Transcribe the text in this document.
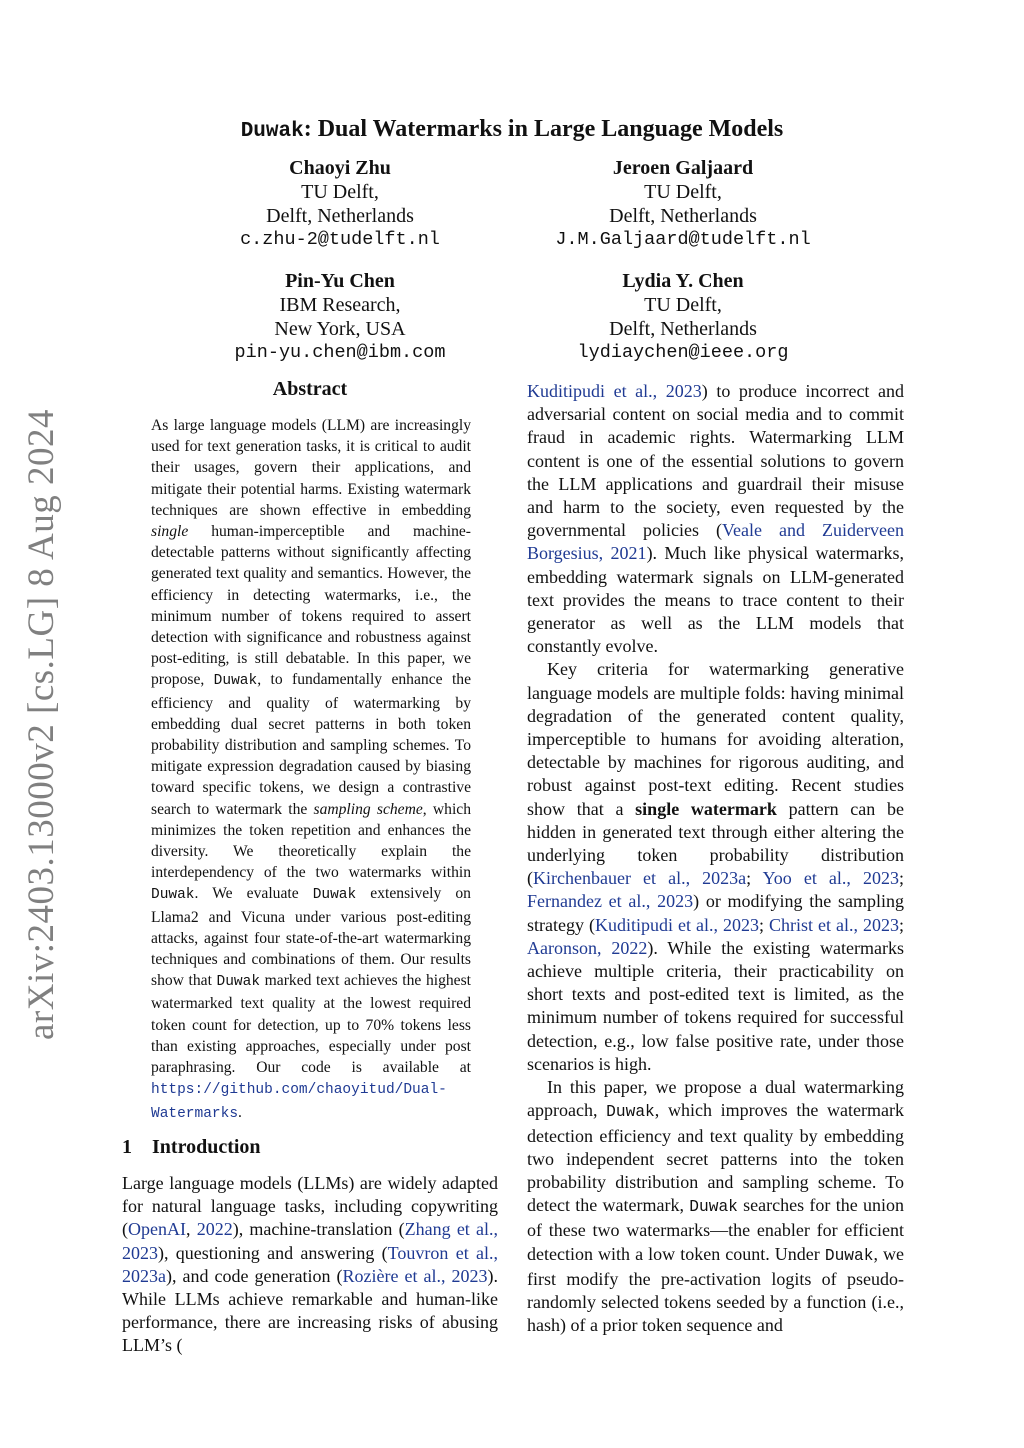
arXiv:2403.13000v2 [cs.LG] 8 Aug 2024
Duwak: Dual Watermarks in Large Language Models
Chaoyi Zhu
TU Delft,
Delft, Netherlands
c.zhu-2@tudelft.nl
Jeroen Galjaard
TU Delft,
Delft, Netherlands
J.M.Galjaard@tudelft.nl
Pin-Yu Chen
IBM Research,
New York, USA
pin-yu.chen@ibm.com
Lydia Y. Chen
TU Delft,
Delft, Netherlands
lydiaychen@ieee.org
Abstract
As large language models (LLM) are increasingly used for text generation tasks, it is critical to audit their usages, govern their applications, and mitigate their potential harms. Existing watermark techniques are shown effective in embedding single human-imperceptible and machine-detectable patterns without significantly affecting generated text quality and semantics. However, the efficiency in detecting watermarks, i.e., the minimum number of tokens required to assert detection with significance and robustness against post-editing, is still debatable. In this paper, we propose, Duwak, to fundamentally enhance the efficiency and quality of watermarking by embedding dual secret patterns in both token probability distribution and sampling schemes. To mitigate expression degradation caused by biasing toward specific tokens, we design a contrastive search to watermark the sampling scheme, which minimizes the token repetition and enhances the diversity. We theoretically explain the interdependency of the two watermarks within Duwak. We evaluate Duwak extensively on Llama2 and Vicuna under various post-editing attacks, against four state-of-the-art watermarking techniques and combinations of them. Our results show that Duwak marked text achieves the highest watermarked text quality at the lowest required token count for detection, up to 70% tokens less than existing approaches, especially under post paraphrasing. Our code is available at https://github.com/chaoyitud/Dual-Watermarks.
1 Introduction
Large language models (LLMs) are widely adapted for natural language tasks, including copywriting (OpenAI, 2022), machine-translation (Zhang et al., 2023), questioning and answering (Touvron et al., 2023a), and code generation (Rozière et al., 2023). While LLMs achieve remarkable and human-like performance, there are increasing risks of abusing LLM’s (

Kuditipudi et al., 2023) to produce incorrect and adversarial content on social media and to commit fraud in academic rights. Watermarking LLM content is one of the essential solutions to govern the LLM applications and guardrail their misuse and harm to the society, even requested by the governmental policies (Veale and Zuiderveen Borgesius, 2021). Much like physical watermarks, embedding watermark signals on LLM-generated text provides the means to trace content to their generator as well as the LLM models that constantly evolve.

Key criteria for watermarking generative language models are multiple folds: having minimal degradation of the generated content quality, imperceptible to humans for avoiding alteration, detectable by machines for rigorous auditing, and robust against post-text editing. Recent studies show that a single watermark pattern can be hidden in generated text through either altering the underlying token probability distribution (Kirchenbauer et al., 2023a; Yoo et al., 2023; Fernandez et al., 2023) or modifying the sampling strategy (Kuditipudi et al., 2023; Christ et al., 2023; Aaronson, 2022). While the existing watermarks achieve multiple criteria, their practicability on short texts and post-edited text is limited, as the minimum number of tokens required for successful detection, e.g., low false positive rate, under those scenarios is high.

In this paper, we propose a dual watermarking approach, Duwak, which improves the watermark detection efficiency and text quality by embedding two independent secret patterns into the token probability distribution and sampling scheme. To detect the watermark, Duwak searches for the union of these two watermarks—the enabler for efficient detection with a low token count. Under Duwak, we first modify the pre-activation logits of pseudo-randomly selected tokens seeded by a function (i.e., hash) of a prior token sequence and
